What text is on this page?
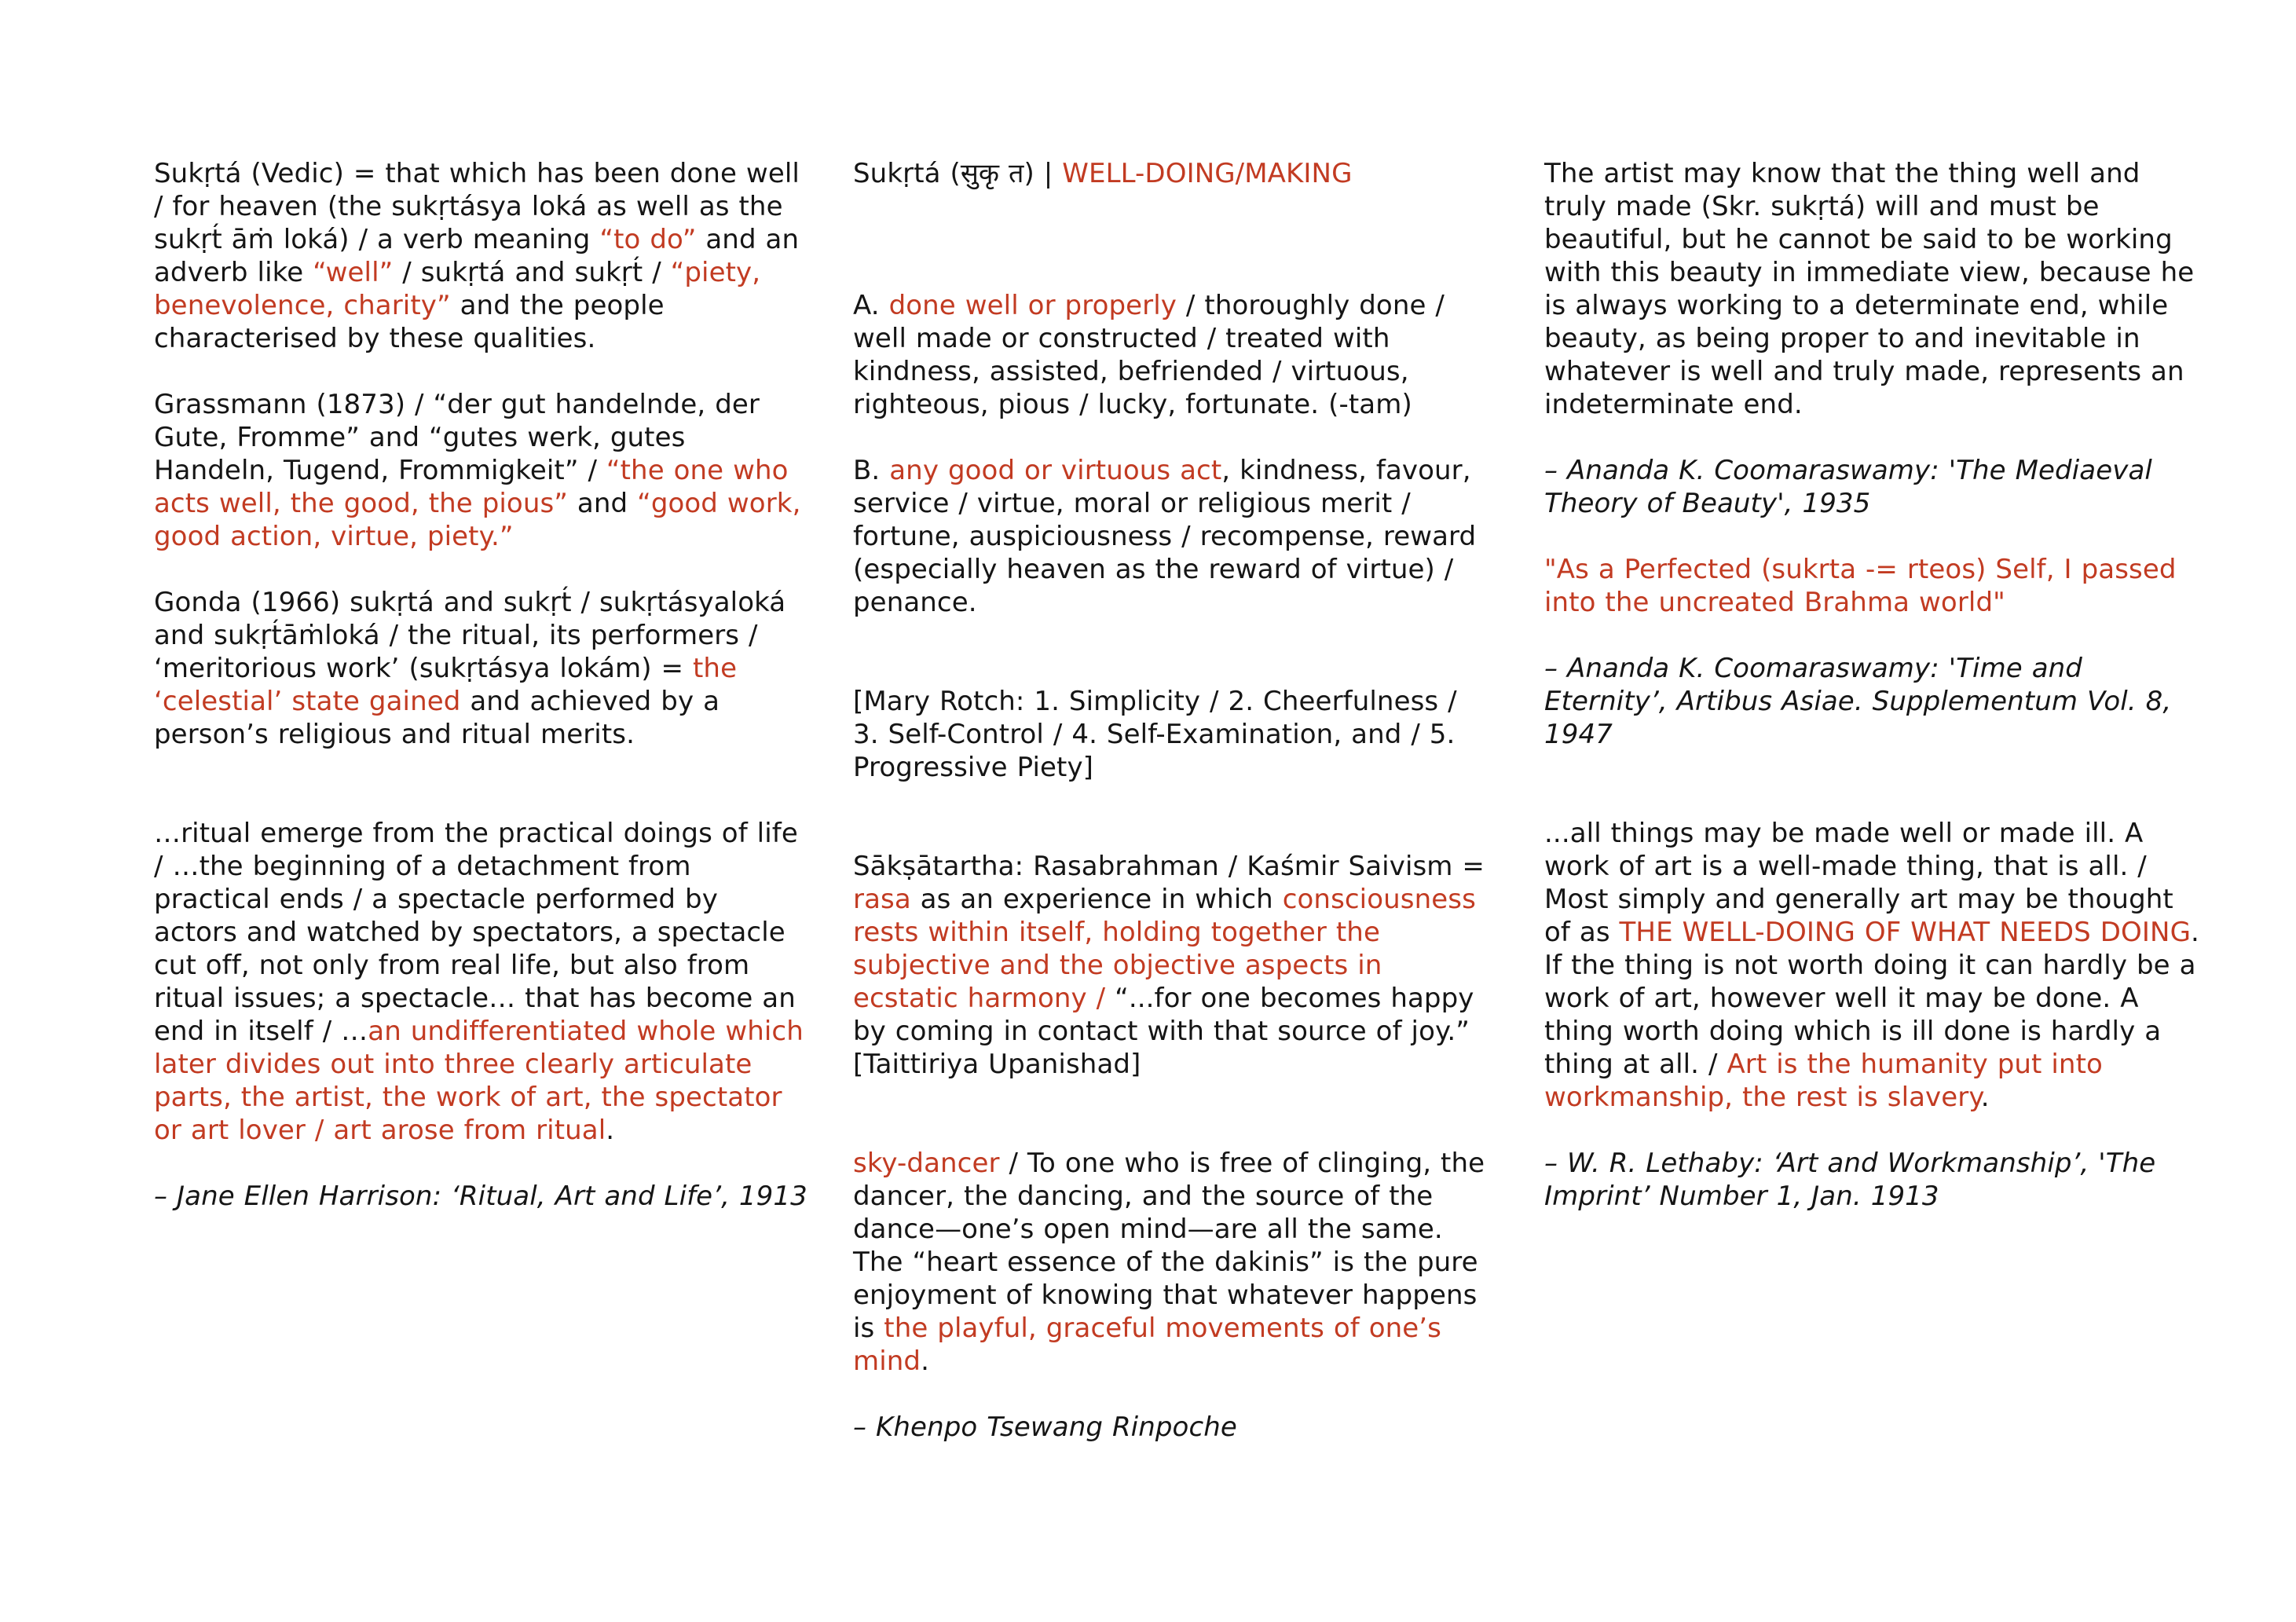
Sukṛtá (Vedic) = that which has been done well / for heaven (the sukṛtásya loká as well as the sukṛt́ āṁ loká) / a verb meaning “to do” and an adverb like “well” / sukṛtá and sukṛt́ / “piety, benevolence, charity” and the people characterised by these qualities.

Grassmann (1873) / “der gut handelnde, der Gute, Fromme” and “gutes werk, gutes Handeln, Tugend, Frommigkeit” / “the one who acts well, the good, the pious” and “good work, good action, virtue, piety.”

Gonda (1966) sukṛtá and sukṛt́ / sukṛtásyaloká and sukṛt́āṁloká / the ritual, its performers / ‘meritorious work’ (sukṛtásya lokám) = the ‘celestial’ state gained and achieved by a person’s religious and ritual merits.

…ritual emerge from the practical doings of life / …the beginning of a detachment from practical ends / a spectacle performed by actors and watched by spectators, a spectacle cut off, not only from real life, but also from ritual issues; a spectacle… that has become an end in itself / …an undifferentiated whole which later divides out into three clearly articulate parts, the artist, the work of art, the spectator or art lover / art arose from ritual.

– Jane Ellen Harrison: ‘Ritual, Art and Life’, 1913

Sukṛtá (सुकृ त) | WELL-DOING/MAKING

A. done well or properly / thoroughly done / well made or constructed / treated with kindness, assisted, befriended / virtuous, righteous, pious / lucky, fortunate. (-tam)

B. any good or virtuous act, kindness, favour, service / virtue, moral or religious merit / fortune, auspiciousness / recompense, reward (especially heaven as the reward of virtue) / penance.

[Mary Rotch: 1. Simplicity / 2. Cheerfulness / 3. Self-Control / 4. Self-Examination, and / 5. Progressive Piety]

Sākṣātartha: Rasabrahman / Kaśmir Saivism = rasa as an experience in which consciousness rests within itself, holding together the subjective and the objective aspects in ecstatic harmony / “...for one becomes happy by coming in contact with that source of joy.” [Taittiriya Upanishad]

sky-dancer / To one who is free of clinging, the dancer, the dancing, and the source of the dance—one’s open mind—are all the same. The “heart essence of the dakinis” is the pure enjoyment of knowing that whatever happens is the playful, graceful movements of one’s mind.

– Khenpo Tsewang Rinpoche

The artist may know that the thing well and truly made (Skr. sukṛtá) will and must be beautiful, but he cannot be said to be working with this beauty in immediate view, because he is always working to a determinate end, while beauty, as being proper to and inevitable in whatever is well and truly made, represents an indeterminate end.

– Ananda K. Coomaraswamy: 'The Mediaeval Theory of Beauty', 1935

"As a Perfected (sukrta -= rteos) Self, I passed into the uncreated Brahma world"

– Ananda K. Coomaraswamy: 'Time and Eternity’, Artibus Asiae. Supplementum Vol. 8, 1947

...all things may be made well or made ill. A work of art is a well-made thing, that is all. / Most simply and generally art may be thought of as THE WELL-DOING OF WHAT NEEDS DOING. If the thing is not worth doing it can hardly be a work of art, however well it may be done. A thing worth doing which is ill done is hardly a thing at all. / Art is the humanity put into workmanship, the rest is slavery.

– W. R. Lethaby: ‘Art and Workmanship’, 'The Imprint’ Number 1, Jan. 1913
